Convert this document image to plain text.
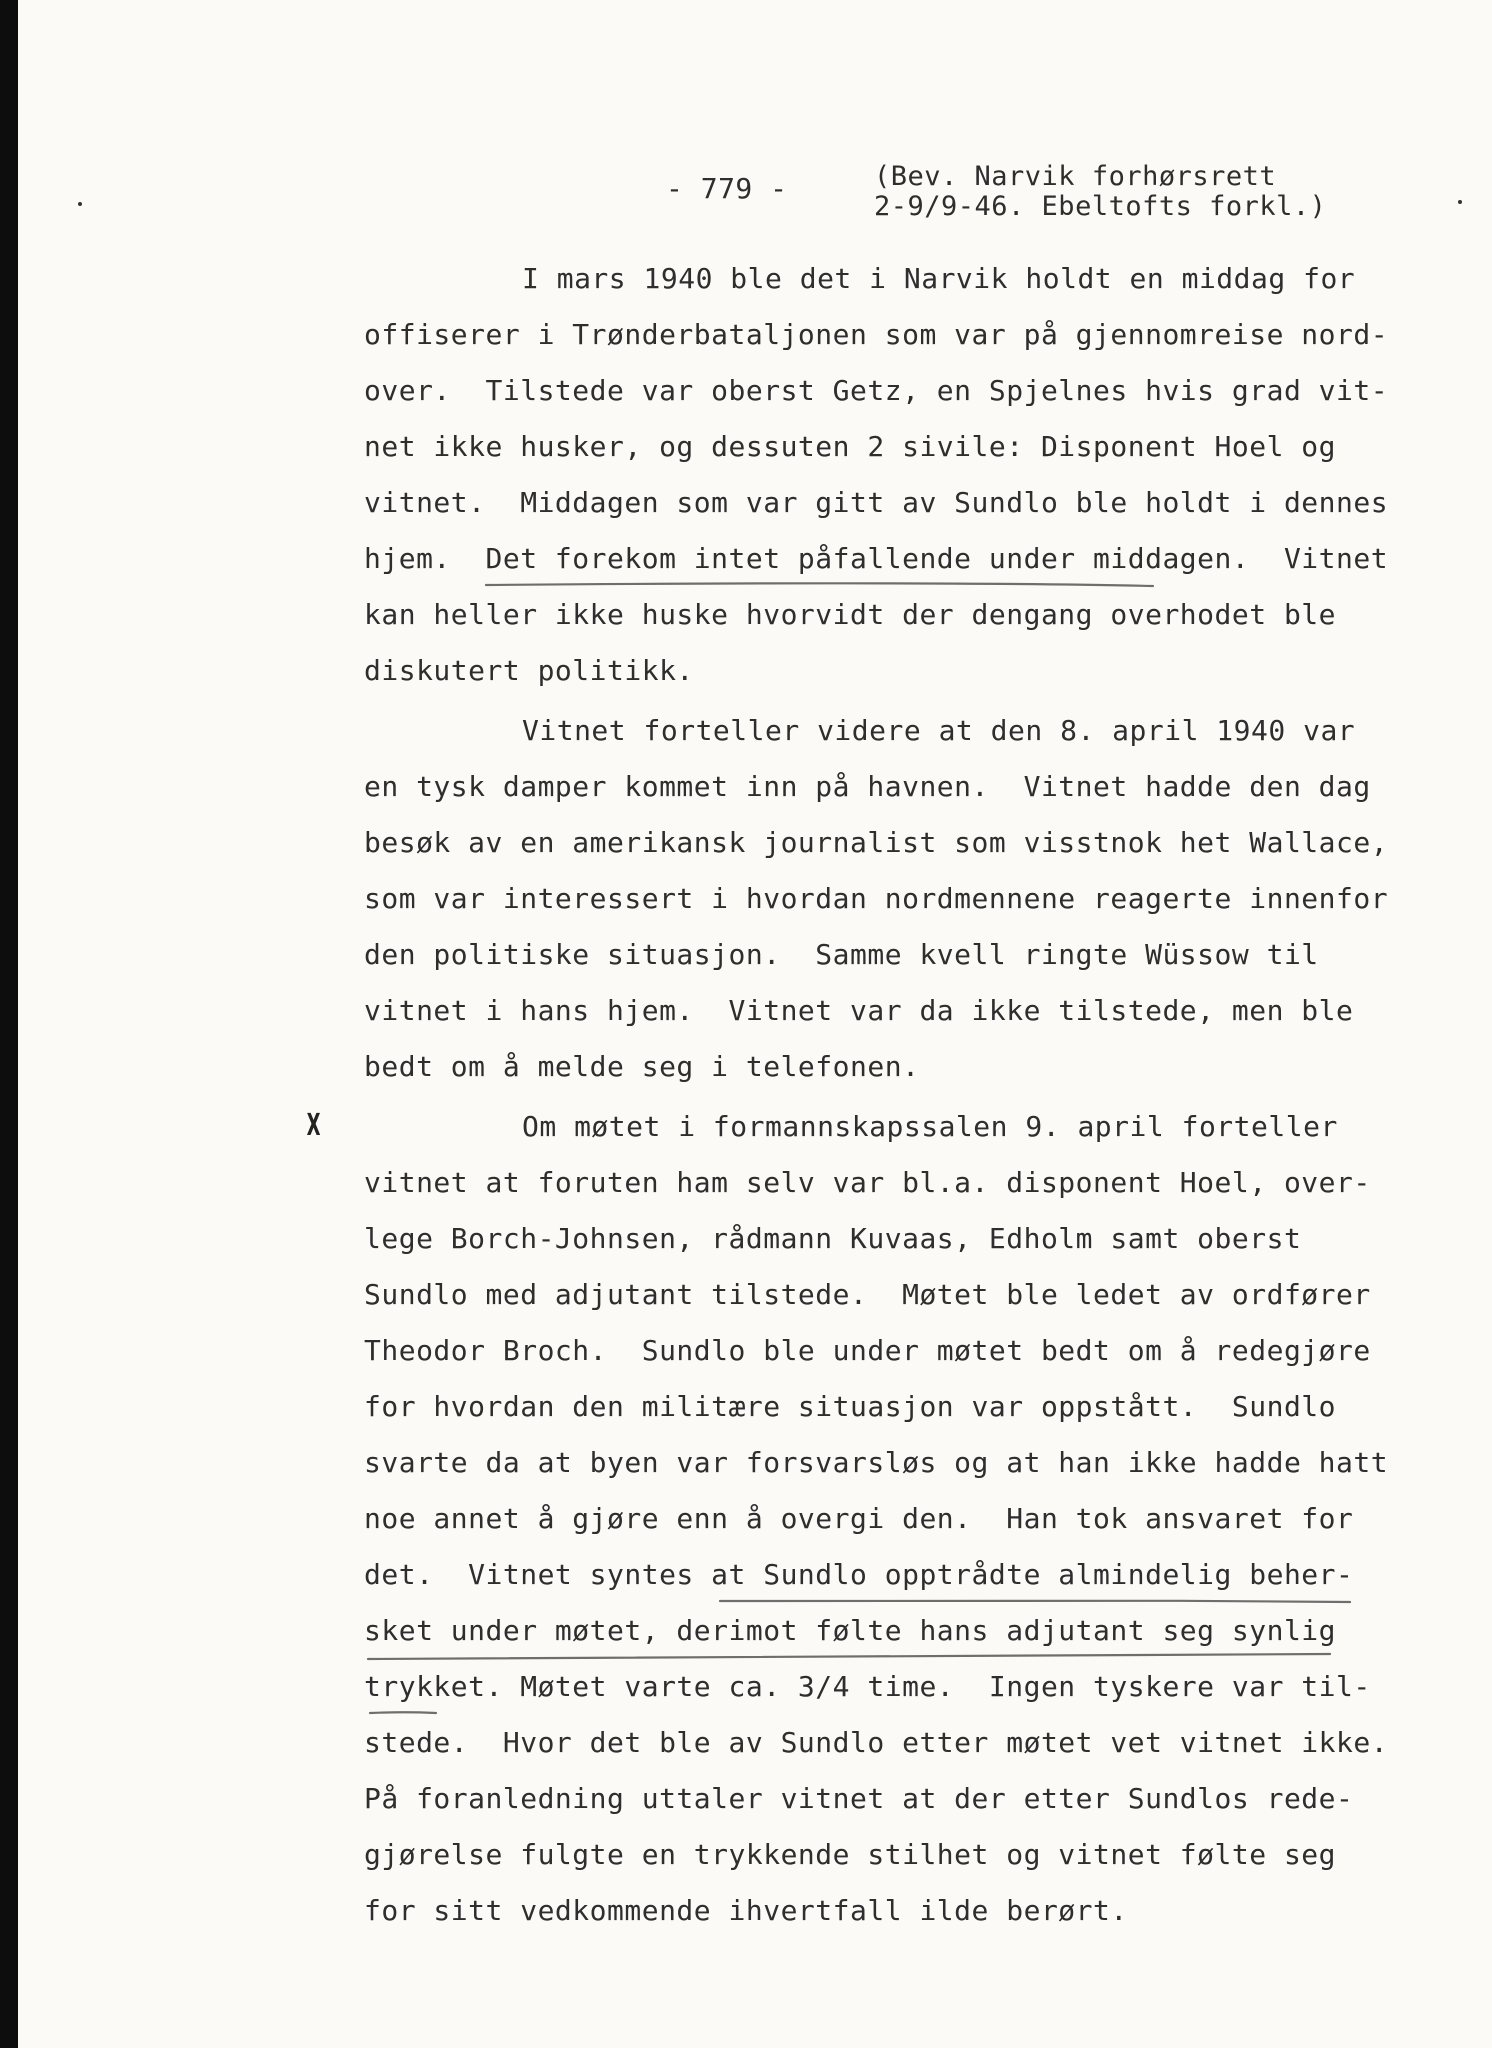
- 779 -	(Bev. Narvik forhørsrett
2-9/9-46. Ebeltofts forkl.)
I mars 1940 ble det i Narvik holdt en middag for
offiserer i Trønderbataljonen som var på gjennomreise nord-
over.  Tilstede var oberst Getz, en Spjelnes hvis grad vit-
net ikke husker, og dessuten 2 sivile: Disponent Hoel og
vitnet.  Middagen som var gitt av Sundlo ble holdt i dennes
hjem.  Det forekom intet påfallende under middagen.  Vitnet
kan heller ikke huske hvorvidt der dengang overhodet ble
diskutert politikk.
Vitnet forteller videre at den 8. april 1940 var
en tysk damper kommet inn på havnen.  Vitnet hadde den dag
besøk av en amerikansk journalist som visstnok het Wallace,
som var interessert i hvordan nordmennene reagerte innenfor
den politiske situasjon.  Samme kvell ringte Wüssow til
vitnet i hans hjem.  Vitnet var da ikke tilstede, men ble
bedt om å melde seg i telefonen.
X	Om møtet i formannskapssalen 9. april forteller
vitnet at foruten ham selv var bl.a. disponent Hoel, over-
lege Borch-Johnsen, rådmann Kuvaas, Edholm samt oberst
Sundlo med adjutant tilstede.  Møtet ble ledet av ordfører
Theodor Broch.  Sundlo ble under møtet bedt om å redegjøre
for hvordan den militære situasjon var oppstått.  Sundlo
svarte da at byen var forsvarsløs og at han ikke hadde hatt
noe annet å gjøre enn å overgi den.  Han tok ansvaret for
det.  Vitnet syntes at Sundlo opptrådte almindelig beher-
sket under møtet, derimot følte hans adjutant seg synlig
trykket. Møtet varte ca. 3/4 time.  Ingen tyskere var til-
stede.  Hvor det ble av Sundlo etter møtet vet vitnet ikke.
På foranledning uttaler vitnet at der etter Sundlos rede-
gjørelse fulgte en trykkende stilhet og vitnet følte seg
for sitt vedkommende ihvertfall ilde berørt.
